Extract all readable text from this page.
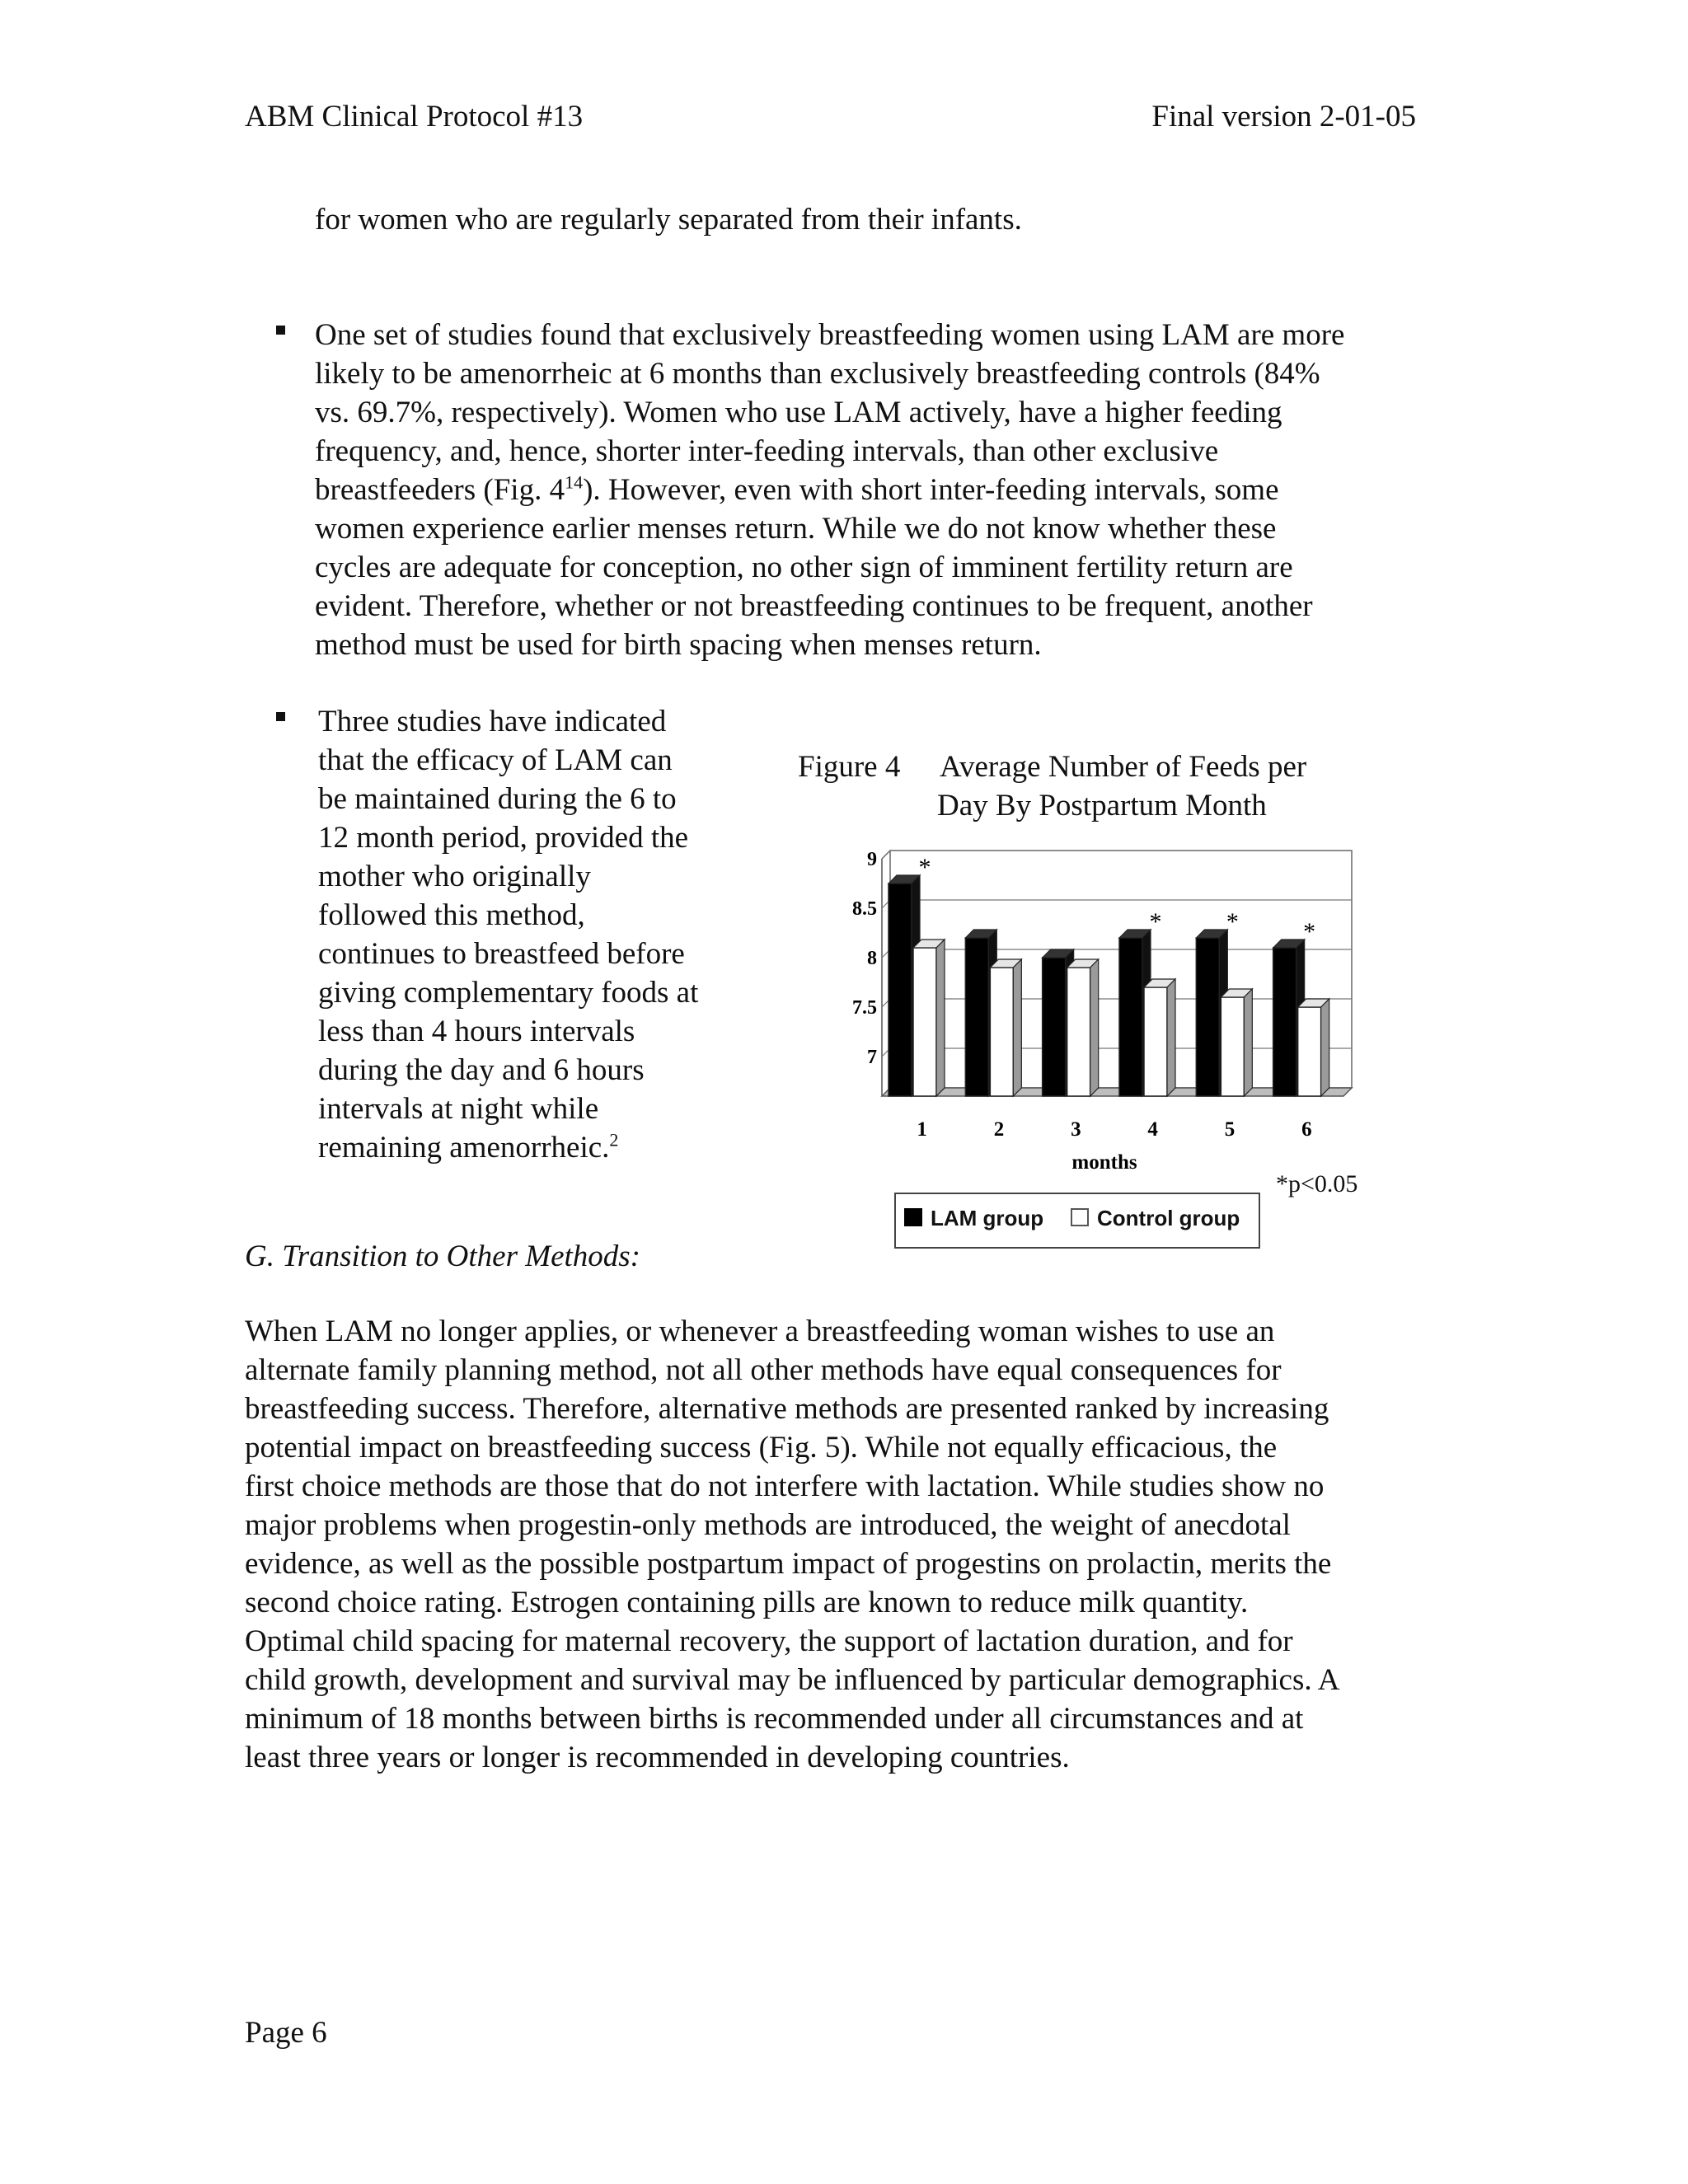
ABM Clinical Protocol #13	Final version 2-01-05
for women who are regularly separated from their infants.
One set of studies found that exclusively breastfeeding women using LAM are more
likely to be amenorrheic at 6 months than exclusively breastfeeding controls (84%
vs. 69.7%, respectively). Women who use LAM actively, have a higher feeding
frequency, and, hence, shorter inter-feeding intervals, than other exclusive
breastfeeders (Fig. $4^{14}$). However, even with short inter-feeding intervals, some
women experience earlier menses return. While we do not know whether these
cycles are adequate for conception, no other sign of imminent fertility return are
evident. Therefore, whether or not breastfeeding continues to be frequent, another
method must be used for birth spacing when menses return.
Three studies have indicated
that the efficacy of LAM can
be maintained during the 6 to
12 month period, provided the
mother who originally
followed this method,
continues to breastfeed before
giving complementary foods at
less than 4 hours intervals
during the day and 6 hours
intervals at night while
remaining amenorrheic.$^2$
Figure 4 Average Number of Feeds per
Day By Postpartum Month
7
7.5
8
8.5
9 *
1	2	3
*
4
*
5
*
6
months
*p<0.05
LAM group	Control group
G. Transition to Other Methods:
When LAM no longer applies, or whenever a breastfeeding woman wishes to use an
alternate family planning method, not all other methods have equal consequences for
breastfeeding success. Therefore, alternative methods are presented ranked by increasing
potential impact on breastfeeding success (Fig. 5). While not equally efficacious, the
first choice methods are those that do not interfere with lactation. While studies show no
major problems when progestin-only methods are introduced, the weight of anecdotal
evidence, as well as the possible postpartum impact of progestins on prolactin, merits the
second choice rating. Estrogen containing pills are known to reduce milk quantity.
Optimal child spacing for maternal recovery, the support of lactation duration, and for
child growth, development and survival may be influenced by particular demographics. A
minimum of 18 months between births is recommended under all circumstances and at
least three years or longer is recommended in developing countries.
Page 6
